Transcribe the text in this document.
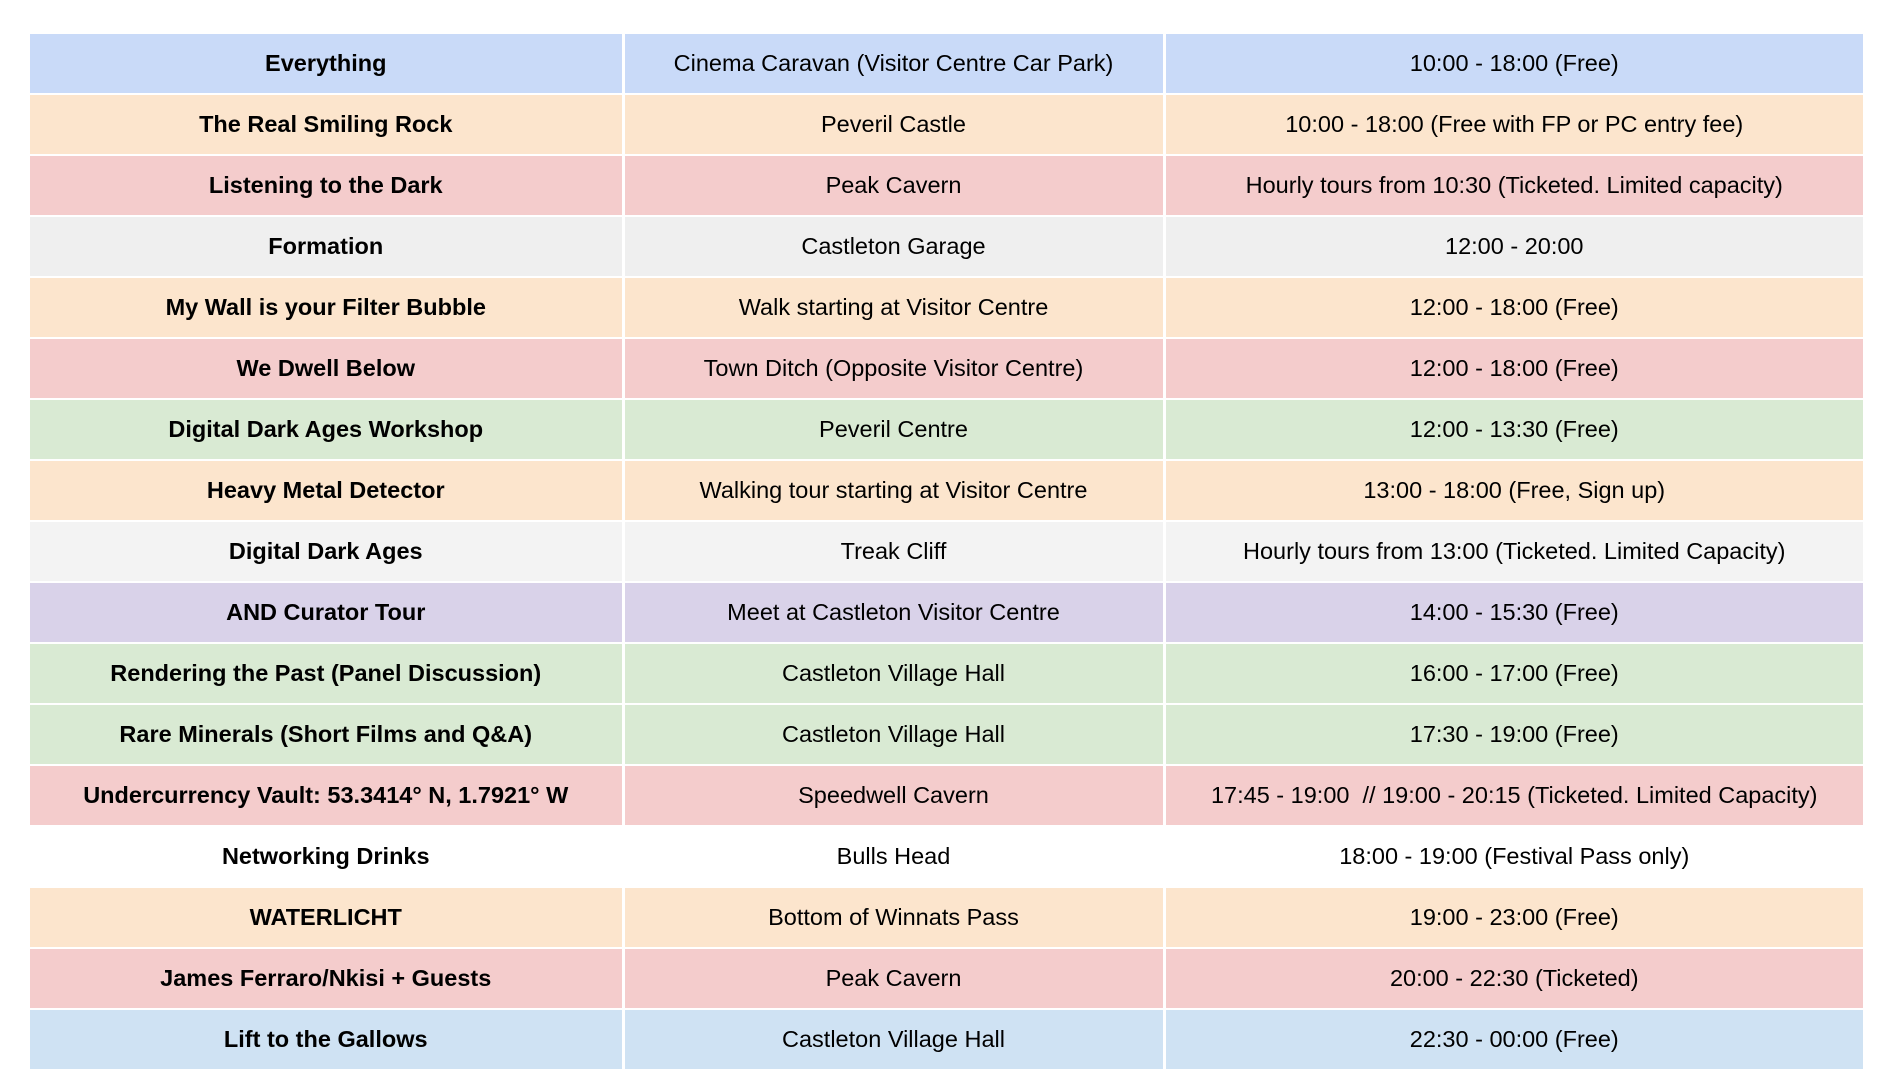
Everything	Cinema Caravan (Visitor Centre Car Park)	10:00 - 18:00 (Free)
The Real Smiling Rock	Peveril Castle	10:00 - 18:00 (Free with FP or PC entry fee)
Listening to the Dark	Peak Cavern	Hourly tours from 10:30 (Ticketed. Limited capacity)
Formation	Castleton Garage	12:00 - 20:00
My Wall is your Filter Bubble	Walk starting at Visitor Centre	12:00 - 18:00 (Free)
We Dwell Below	Town Ditch (Opposite Visitor Centre)	12:00 - 18:00 (Free)
Digital Dark Ages Workshop	Peveril Centre	12:00 - 13:30 (Free)
Heavy Metal Detector	Walking tour starting at Visitor Centre	13:00 - 18:00 (Free, Sign up)
Digital Dark Ages	Treak Cliff	Hourly tours from 13:00 (Ticketed. Limited Capacity)
AND Curator Tour	Meet at Castleton Visitor Centre	14:00 - 15:30 (Free)
Rendering the Past (Panel Discussion)	Castleton Village Hall	16:00 - 17:00 (Free)
Rare Minerals (Short Films and Q&A)	Castleton Village Hall	17:30 - 19:00 (Free)
Undercurrency Vault: 53.3414° N, 1.7921° W	Speedwell Cavern	17:45 - 19:00  // 19:00 - 20:15 (Ticketed. Limited Capacity)
Networking Drinks	Bulls Head	18:00 - 19:00 (Festival Pass only)
WATERLICHT	Bottom of Winnats Pass	19:00 - 23:00 (Free)
James Ferraro/Nkisi + Guests	Peak Cavern	20:00 - 22:30 (Ticketed)
Lift to the Gallows	Castleton Village Hall	22:30 - 00:00 (Free)
